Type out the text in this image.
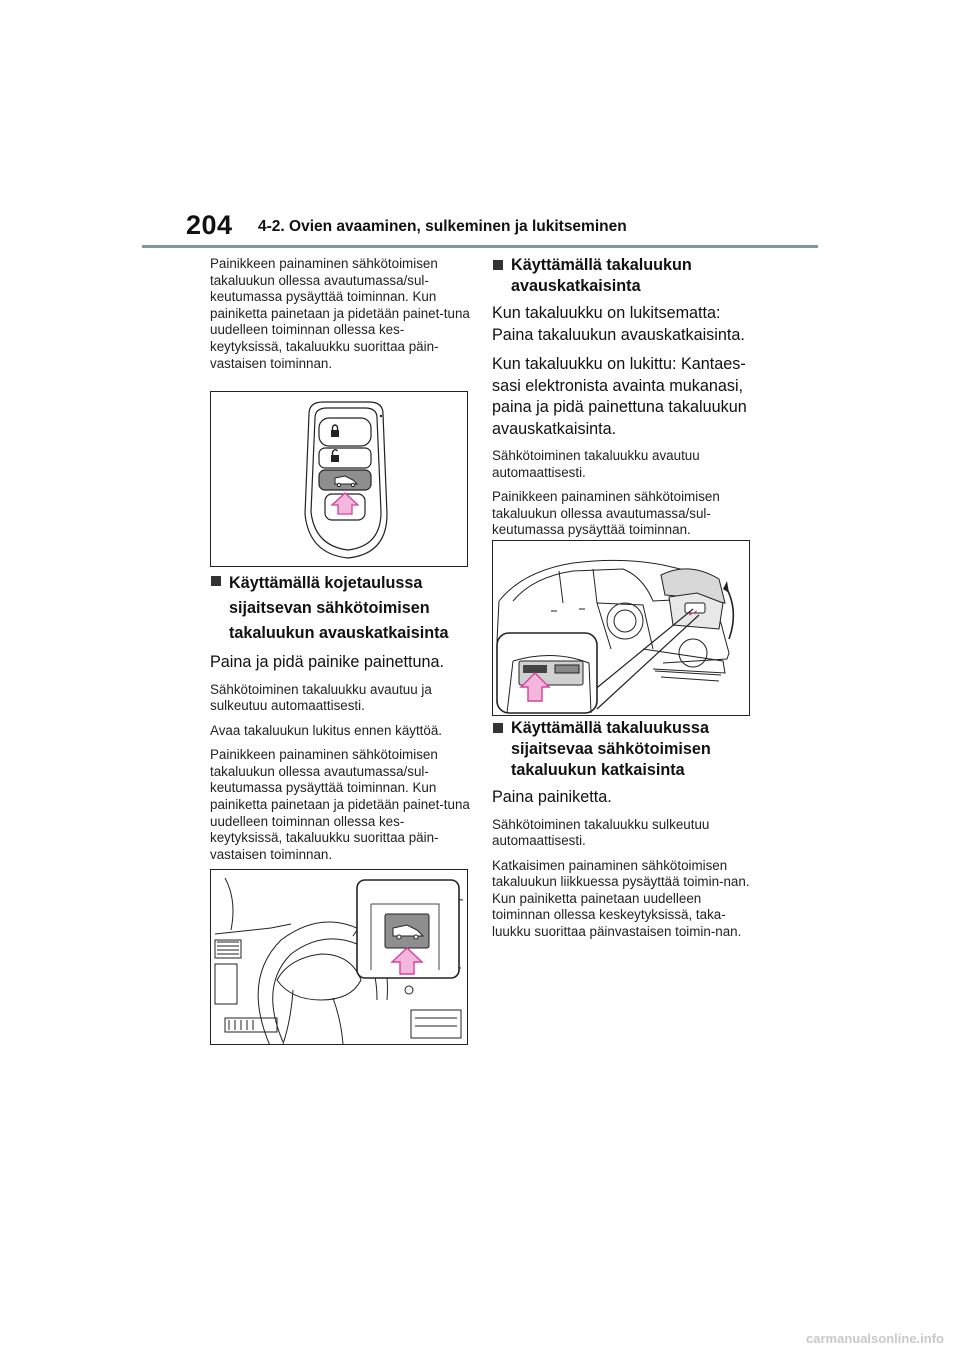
204 4-2. Ovien avaaminen, sulkeminen ja lukitseminen

Painikkeen painaminen sähkötoimisen takaluukun ollessa avautumassa/sul-keutumassa pysäyttää toiminnan. Kun painiketta painetaan ja pidetään painet-tuna uudelleen toiminnan ollessa kes-keytyksissä, takaluukku suorittaa päin-vastaisen toiminnan.

Käyttämällä kojetaulussa sijaitsevan sähkötoimisen takaluukun avauskatkaisinta

Paina ja pidä painike painettuna.

Sähkötoiminen takaluukku avautuu ja sulkeutuu automaattisesti.

Avaa takaluukun lukitus ennen käyttöä.

Painikkeen painaminen sähkötoimisen takaluukun ollessa avautumassa/sul-keutumassa pysäyttää toiminnan. Kun painiketta painetaan ja pidetään painet-tuna uudelleen toiminnan ollessa kes-keytyksissä, takaluukku suorittaa päin-vastaisen toiminnan.

Käyttämällä takaluukun avauskatkaisinta

Kun takaluukku on lukitsematta: Paina takaluukun avauskatkaisinta.

Kun takaluukku on lukittu: Kantaes-sasi elektronista avainta mukanasi, paina ja pidä painettuna takaluukun avauskatkaisinta.

Sähkötoiminen takaluukku avautuu automaattisesti.

Painikkeen painaminen sähkötoimisen takaluukun ollessa avautumassa/sul-keutumassa pysäyttää toiminnan.

Käyttämällä takaluukussa sijaitsevaa sähkötoimisen takaluukun katkaisinta

Paina painiketta.

Sähkötoiminen takaluukku sulkeutuu automaattisesti.

Katkaisimen painaminen sähkötoimisen takaluukun liikkuessa pysäyttää toimin-nan. Kun painiketta painetaan uudelleen toiminnan ollessa keskeytyksissä, taka-luukku suorittaa päinvastaisen toimin-nan.

carmanualsonline.info
